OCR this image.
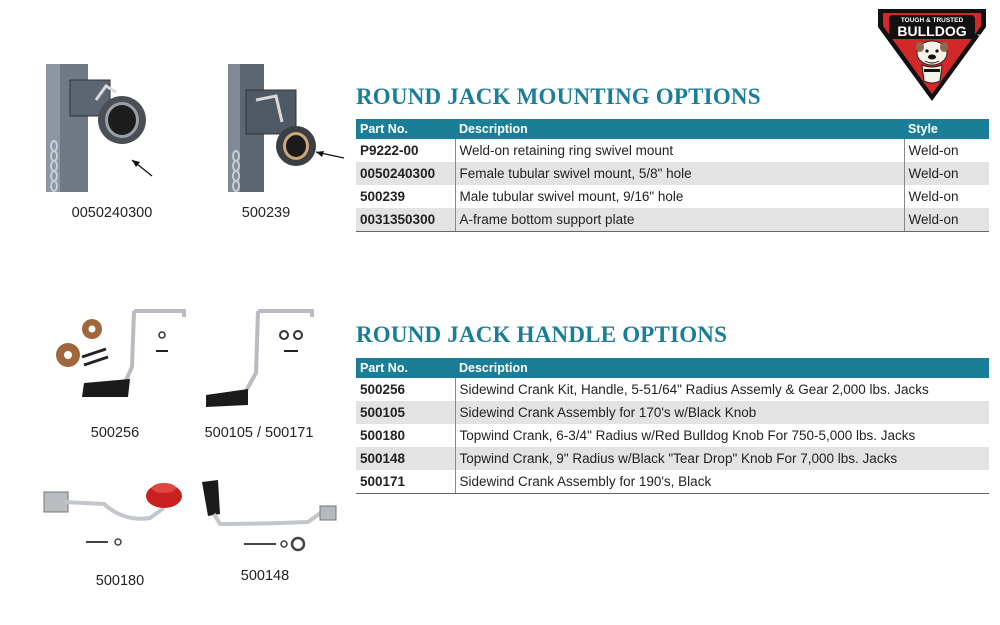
TOUGH & TRUSTED
BULLDOG ™
0050240300	500239
ROUND JACK MOUNTING OPTIONS
Part No.	Description	Style
P9222-00	Weld-on retaining ring swivel mount	Weld-on
0050240300	Female tubular swivel mount, 5/8" hole	Weld-on
500239	Male tubular swivel mount, 9/16" hole	Weld-on
0031350300	A-frame bottom support plate	Weld-on
500256	500105 / 500171
500180	500148
ROUND JACK HANDLE OPTIONS
Part No.	Description
500256	Sidewind Crank Kit, Handle, 5-51/64" Radius Assemly & Gear 2,000 lbs. Jacks
500105	Sidewind Crank Assembly for 170's w/Black Knob
500180	Topwind Crank, 6-3/4" Radius w/Red Bulldog Knob For 750-5,000 lbs. Jacks
500148	Topwind Crank, 9" Radius w/Black "Tear Drop" Knob For 7,000 lbs. Jacks
500171	Sidewind Crank Assembly for 190's, Black
